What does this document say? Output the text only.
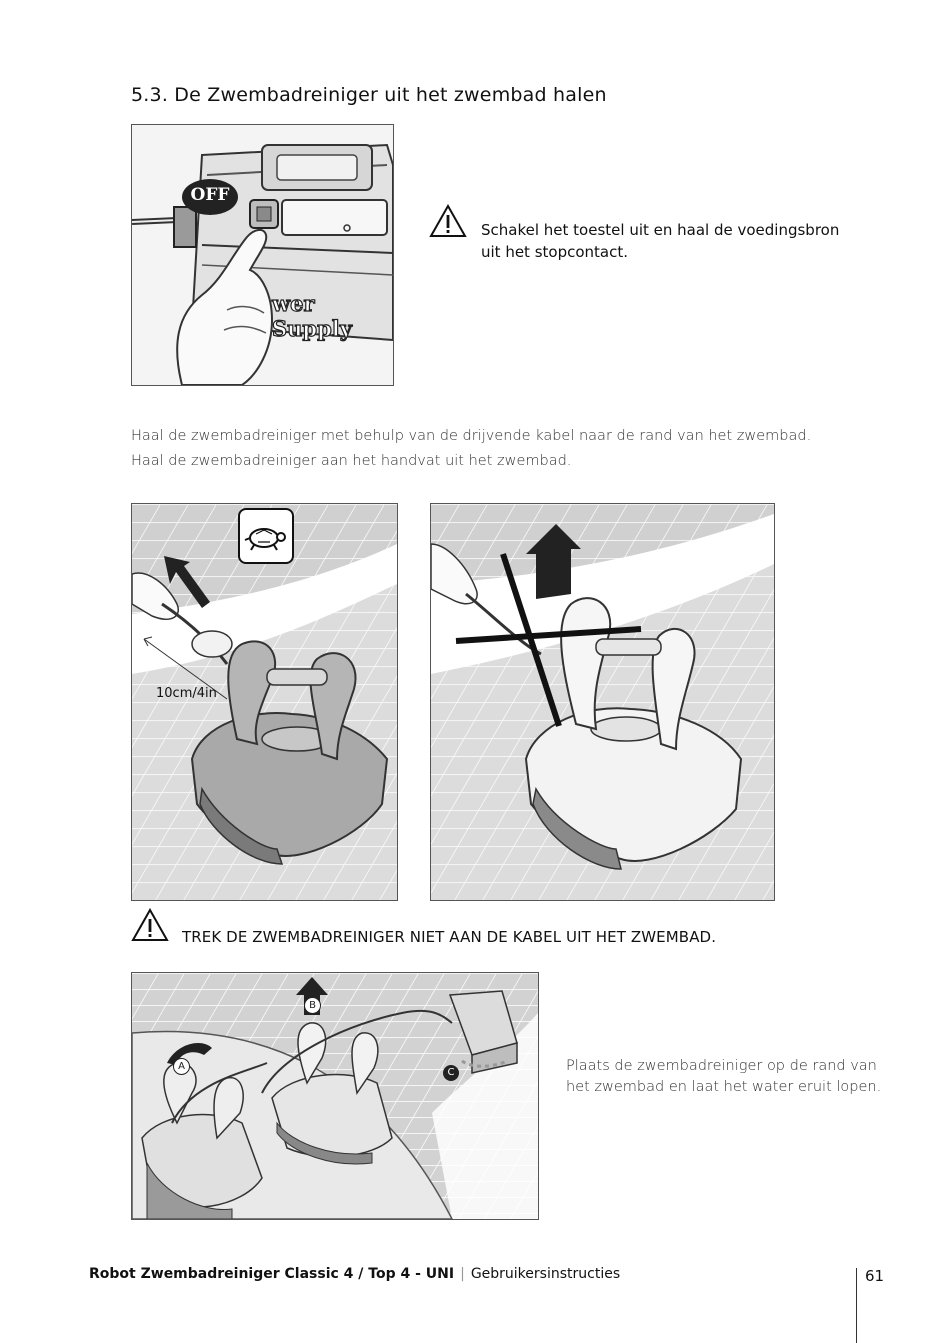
5.3. De Zwembadreiniger uit het zwembad halen
OFF
wer Supply
Schakel het toestel uit en haal de voedingsbron
uit het stopcontact.
Haal de zwembadreiniger met behulp van de drijvende kabel naar de rand van het zwembad.
Haal de zwembadreiniger aan het handvat uit het zwembad.
10cm/4in
TREK DE ZWEMBADREINIGER NIET AAN DE KABEL UIT HET ZWEMBAD.
A
B
C	Plaats de zwembadreiniger op de rand van
het zwembad en laat het water eruit lopen.
Robot Zwembadreiniger Classic 4 / Top 4 - UNI | Gebruikersinstructies	61
